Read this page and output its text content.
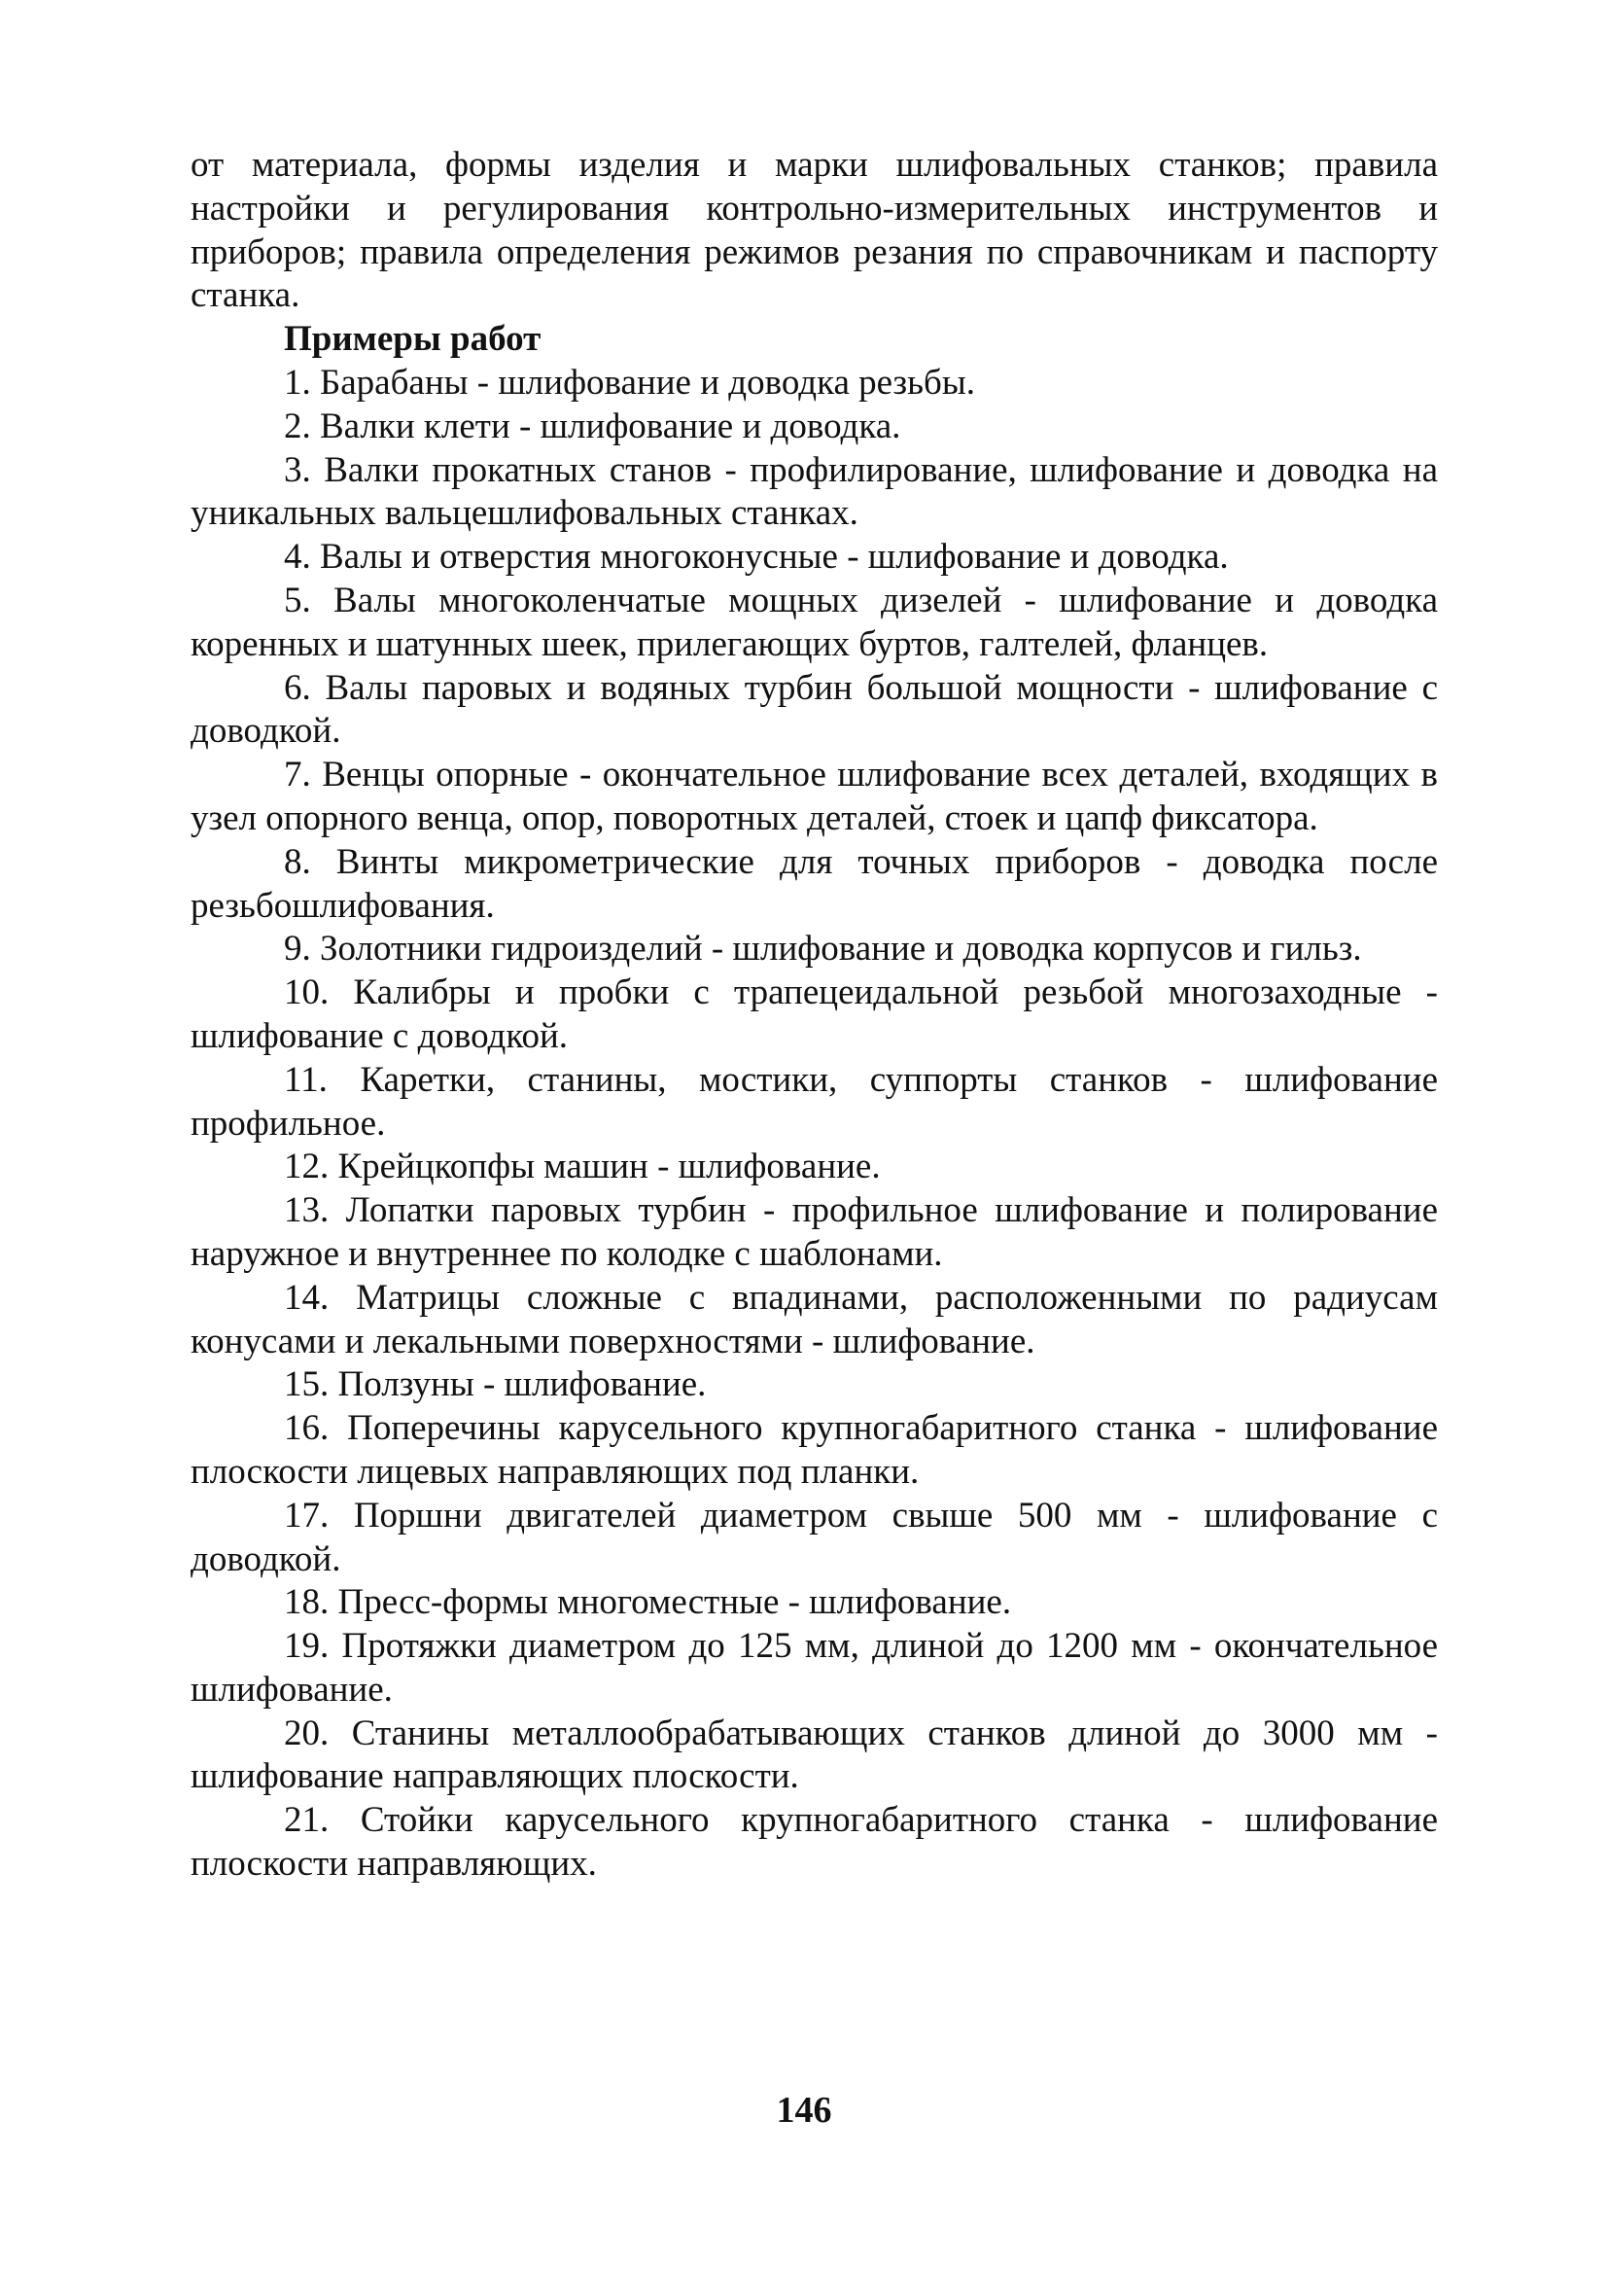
от материала, формы изделия и марки шлифовальных станков; правила настройки и регулирования контрольно-измерительных инструментов и приборов; правила определения режимов резания по справочникам и паспорту станка.

Примеры работ

1. Барабаны - шлифование и доводка резьбы.

2. Валки клети - шлифование и доводка.

3. Валки прокатных станов - профилирование, шлифование и доводка на уникальных вальцешлифовальных станках.

4. Валы и отверстия многоконусные - шлифование и доводка.

5. Валы многоколенчатые мощных дизелей - шлифование и доводка коренных и шатунных шеек, прилегающих буртов, галтелей, фланцев.

6. Валы паровых и водяных турбин большой мощности - шлифование с доводкой.

7. Венцы опорные - окончательное шлифование всех деталей, входящих в узел опорного венца, опор, поворотных деталей, стоек и цапф фиксатора.

8. Винты микрометрические для точных приборов - доводка после резьбошлифования.

9. Золотники гидроизделий - шлифование и доводка корпусов и гильз.

10. Калибры и пробки с трапецеидальной резьбой многозаходные - шлифование с доводкой.

11. Каретки, станины, мостики, суппорты станков - шлифование профильное.

12. Крейцкопфы машин - шлифование.

13. Лопатки паровых турбин - профильное шлифование и полирование наружное и внутреннее по колодке с шаблонами.

14. Матрицы сложные с впадинами, расположенными по радиусам конусами и лекальными поверхностями - шлифование.

15. Ползуны - шлифование.

16. Поперечины карусельного крупногабаритного станка - шлифование плоскости лицевых направляющих под планки.

17. Поршни двигателей диаметром свыше 500 мм - шлифование с доводкой.

18. Пресс-формы многоместные - шлифование.

19. Протяжки диаметром до 125 мм, длиной до 1200 мм - окончательное шлифование.

20. Станины металлообрабатывающих станков длиной до 3000 мм - шлифование направляющих плоскости.

21. Стойки карусельного крупногабаритного станка - шлифование плоскости направляющих.

146
